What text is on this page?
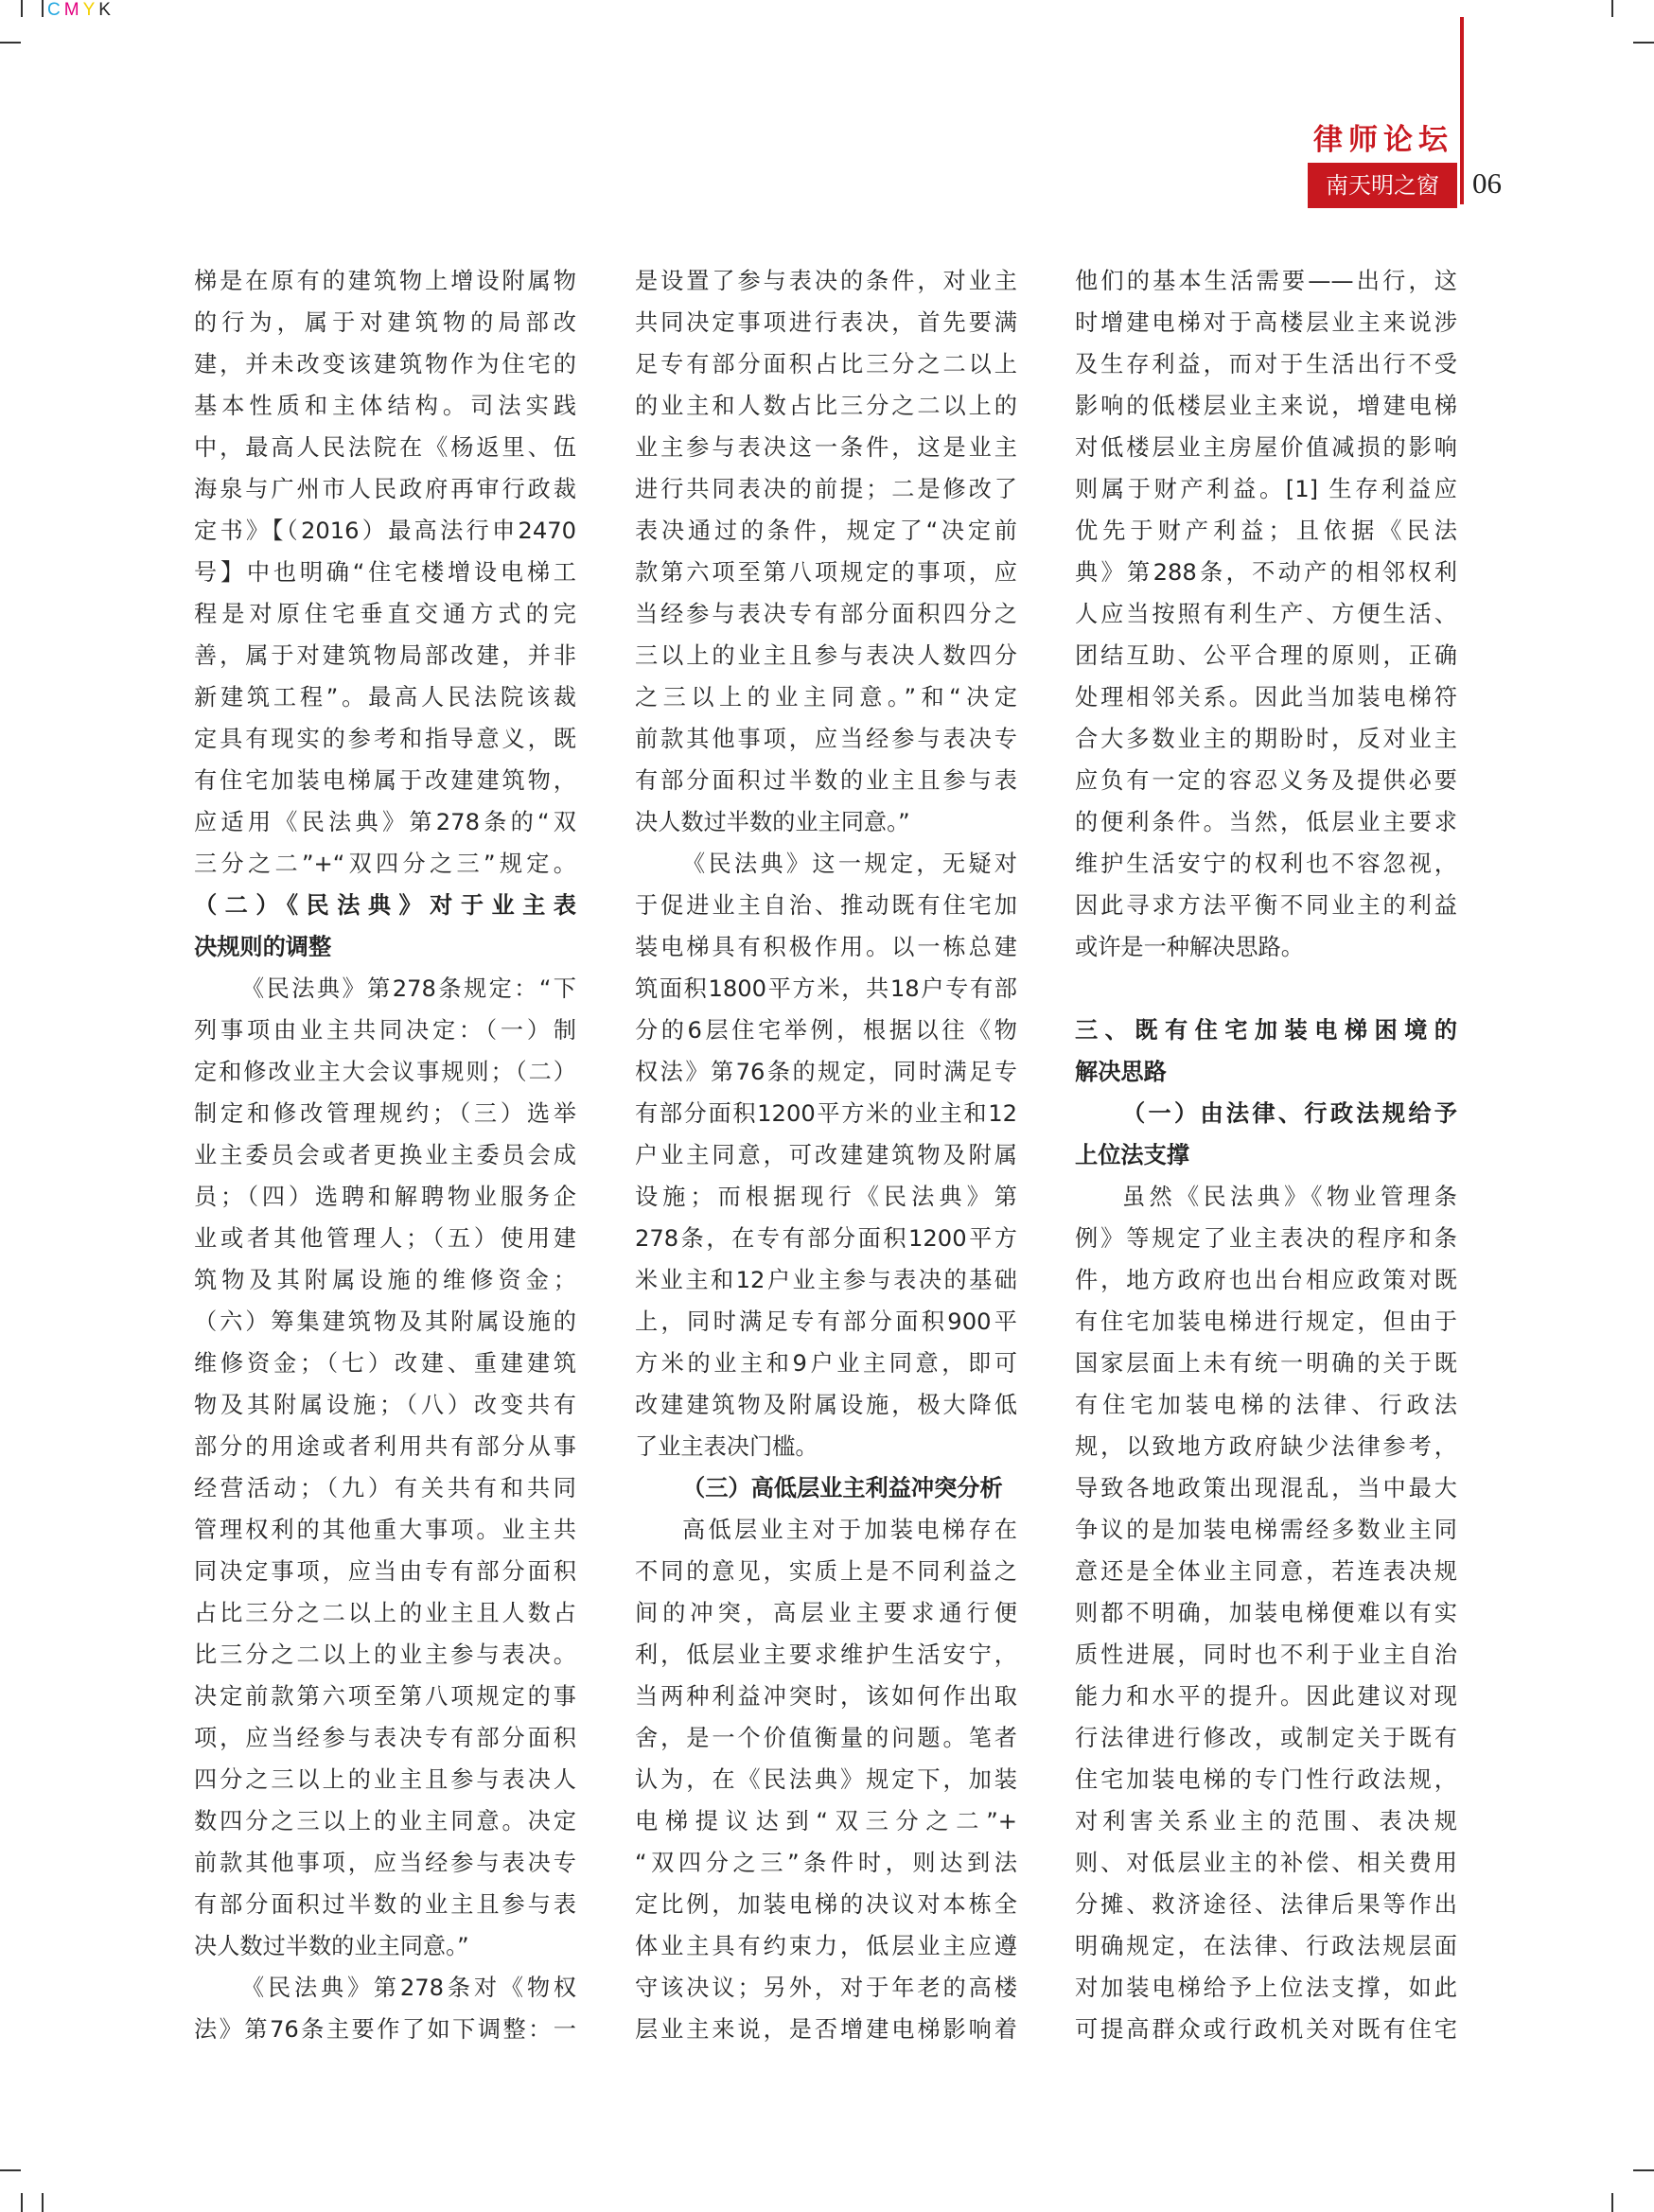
CMYK
律师论坛
南天明之窗	06
梯是在原有的建筑物上增设附属物
的行为，属于对建筑物的局部改
建，并未改变该建筑物作为住宅的
基本性质和主体结构。司法实践
中，最高人民法院在《杨返里、伍
海泉与广州市人民政府再审行政裁
定书》【（2016）最高法行申2470
号】中也明确“住宅楼增设电梯工
程是对原住宅垂直交通方式的完
善，属于对建筑物局部改建，并非
新建筑工程”。最高人民法院该裁
定具有现实的参考和指导意义，既
有住宅加装电梯属于改建建筑物，
应适用《民法典》第278条的“双
三分之二”+“双四分之三”规定。
（二）《民法典》对于业主表
决规则的调整
《民法典》第278条规定：“下
列事项由业主共同决定：（一）制
定和修改业主大会议事规则；（二）
制定和修改管理规约；（三）选举
业主委员会或者更换业主委员会成
员；（四）选聘和解聘物业服务企
业或者其他管理人；（五）使用建
筑物及其附属设施的维修资金；
（六）筹集建筑物及其附属设施的
维修资金；（七）改建、重建建筑
物及其附属设施；（八）改变共有
部分的用途或者利用共有部分从事
经营活动；（九）有关共有和共同
管理权利的其他重大事项。业主共
同决定事项，应当由专有部分面积
占比三分之二以上的业主且人数占
比三分之二以上的业主参与表决。
决定前款第六项至第八项规定的事
项，应当经参与表决专有部分面积
四分之三以上的业主且参与表决人
数四分之三以上的业主同意。决定
前款其他事项，应当经参与表决专
有部分面积过半数的业主且参与表
决人数过半数的业主同意。”
《民法典》第278条对《物权
法》第76条主要作了如下调整：一
是设置了参与表决的条件，对业主
共同决定事项进行表决，首先要满
足专有部分面积占比三分之二以上
的业主和人数占比三分之二以上的
业主参与表决这一条件，这是业主
进行共同表决的前提；二是修改了
表决通过的条件，规定了“决定前
款第六项至第八项规定的事项，应
当经参与表决专有部分面积四分之
三以上的业主且参与表决人数四分
之三以上的业主同意。”和“决定
前款其他事项，应当经参与表决专
有部分面积过半数的业主且参与表
决人数过半数的业主同意。”
《民法典》这一规定，无疑对
于促进业主自治、推动既有住宅加
装电梯具有积极作用。以一栋总建
筑面积1800平方米，共18户专有部
分的6层住宅举例，根据以往《物
权法》第76条的规定，同时满足专
有部分面积1200平方米的业主和12
户业主同意，可改建建筑物及附属
设施；而根据现行《民法典》第
278条，在专有部分面积1200平方
米业主和12户业主参与表决的基础
上，同时满足专有部分面积900平
方米的业主和9户业主同意，即可
改建建筑物及附属设施，极大降低
了业主表决门槛。
（三）高低层业主利益冲突分析
高低层业主对于加装电梯存在
不同的意见，实质上是不同利益之
间的冲突，高层业主要求通行便
利，低层业主要求维护生活安宁，
当两种利益冲突时，该如何作出取
舍，是一个价值衡量的问题。笔者
认为，在《民法典》规定下，加装
电梯提议达到“双三分之二”+
“双四分之三”条件时，则达到法
定比例，加装电梯的决议对本栋全
体业主具有约束力，低层业主应遵
守该决议；另外，对于年老的高楼
层业主来说，是否增建电梯影响着
他们的基本生活需要——出行，这
时增建电梯对于高楼层业主来说涉
及生存利益，而对于生活出行不受
影响的低楼层业主来说，增建电梯
对低楼层业主房屋价值减损的影响
则属于财产利益。[1] 生存利益应
优先于财产利益；且依据《民法
典》第288条，不动产的相邻权利
人应当按照有利生产、方便生活、
团结互助、公平合理的原则，正确
处理相邻关系。因此当加装电梯符
合大多数业主的期盼时，反对业主
应负有一定的容忍义务及提供必要
的便利条件。当然，低层业主要求
维护生活安宁的权利也不容忽视，
因此寻求方法平衡不同业主的利益
或许是一种解决思路。
三、既有住宅加装电梯困境的
解决思路
（一）由法律、行政法规给予
上位法支撑
虽然《民法典》《物业管理条
例》等规定了业主表决的程序和条
件，地方政府也出台相应政策对既
有住宅加装电梯进行规定，但由于
国家层面上未有统一明确的关于既
有住宅加装电梯的法律、行政法
规，以致地方政府缺少法律参考，
导致各地政策出现混乱，当中最大
争议的是加装电梯需经多数业主同
意还是全体业主同意，若连表决规
则都不明确，加装电梯便难以有实
质性进展，同时也不利于业主自治
能力和水平的提升。因此建议对现
行法律进行修改，或制定关于既有
住宅加装电梯的专门性行政法规，
对利害关系业主的范围、表决规
则、对低层业主的补偿、相关费用
分摊、救济途径、法律后果等作出
明确规定，在法律、行政法规层面
对加装电梯给予上位法支撑，如此
可提高群众或行政机关对既有住宅
